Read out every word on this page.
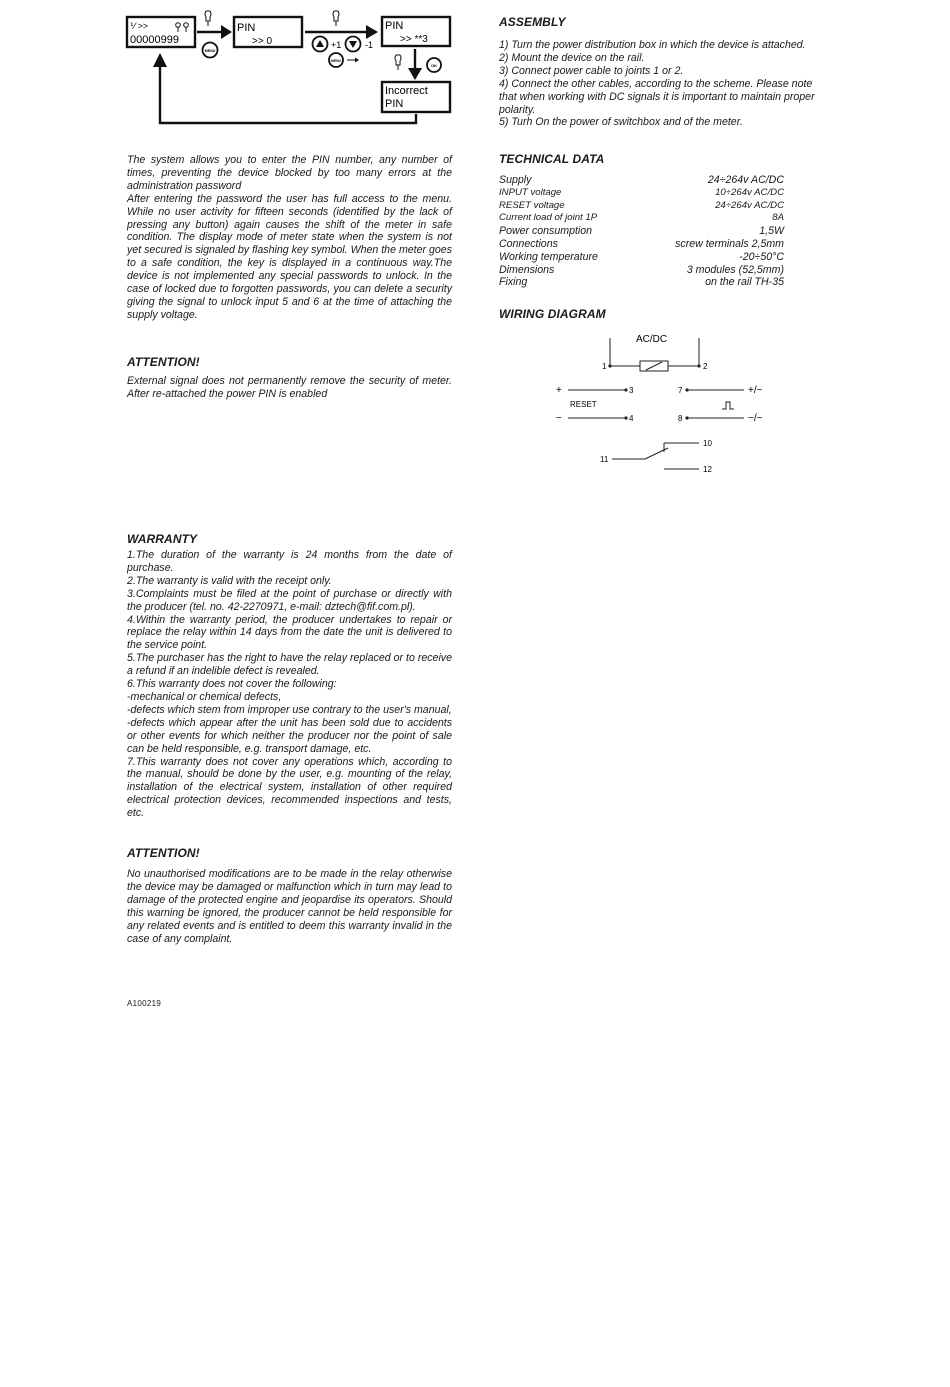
⅟ >>
00000999
MENU
PIN
>> 0	+1	-1
MENU
PIN
>> **3
OK
Incorrect
PIN

The system allows you to enter the PIN number, any number of times, preventing the device blocked by too many errors at the administration password

After entering the password the user has full access to the menu. While no user activity for fifteen seconds (identified by the lack of pressing any button) again causes the shift of the meter in safe condition. The display mode of meter state when the system is not yet secured is signaled by flashing key symbol. When the meter goes to a safe condition, the key is displayed in a continuous way.The device is not implemented any special passwords to unlock. In the case of locked due to forgotten passwords, you can delete a security giving the signal to unlock input 5 and 6 at the time of attaching the supply voltage.

ATTENTION!

External signal does not permanently remove the security of meter. After re-attached the power PIN is enabled

WARRANTY

1.The duration of the warranty is 24 months from the date of purchase.

2.The warranty is valid with the receipt only.

3.Complaints must be filed at the point of purchase or directly with the producer (tel. no. 42-2270971, e-mail: dztech@fif.com.pl).

4.Within the warranty period, the producer undertakes to repair or replace the relay within 14 days from the date the unit is delivered to the service point.

5.The purchaser has the right to have the relay replaced or to receive a refund if an indelible defect is revealed.

6.This warranty does not cover the following:

-mechanical or chemical defects,

-defects which stem from improper use contrary to the user's manual,

-defects which appear after the unit has been sold due to accidents or other events for which neither the producer nor the point of sale can be held responsible, e.g. transport damage, etc.

7.This warranty does not cover any operations which, according to the manual, should be done by the user, e.g. mounting of the relay, installation of the electrical system, installation of other required electrical protection devices, recommended inspections and tests, etc.

ATTENTION!

No unauthorised modifications are to be made in the relay otherwise the device may be damaged or malfunction which in turn may lead to damage of the protected engine and jeopardise its operators. Should this warning be ignored, the producer cannot be held responsible for any related events and is entitled to deem this warranty invalid in the case of any complaint.

A100219
ASSEMBLY

1) Turn the power distribution box in which the device is attached.

2) Mount the device on the rail.

3) Connect power cable to joints 1 or 2.

4) Connect the other cables, according to the scheme. Please note that when working with DC signals it is important to maintain proper polarity.

5) Turh On the power of switchbox and of the meter.

TECHNICAL DATA
Supply	24÷264v AC/DC
INPUT voltage	10÷264v AC/DC
RESET voltage	24÷264v AC/DC
Current load of joint 1P	8A
Power consumption	1,5W
Connections	screw terminals 2,5mm
Working temperature	-20÷50°C
Dimensions	3 modules (52,5mm)
Fixing	on the rail TH-35
WIRING DIAGRAM
AC/DC
1	2
+	3
RESET
−	4
7	+/~
8	−/~
11
10
12
